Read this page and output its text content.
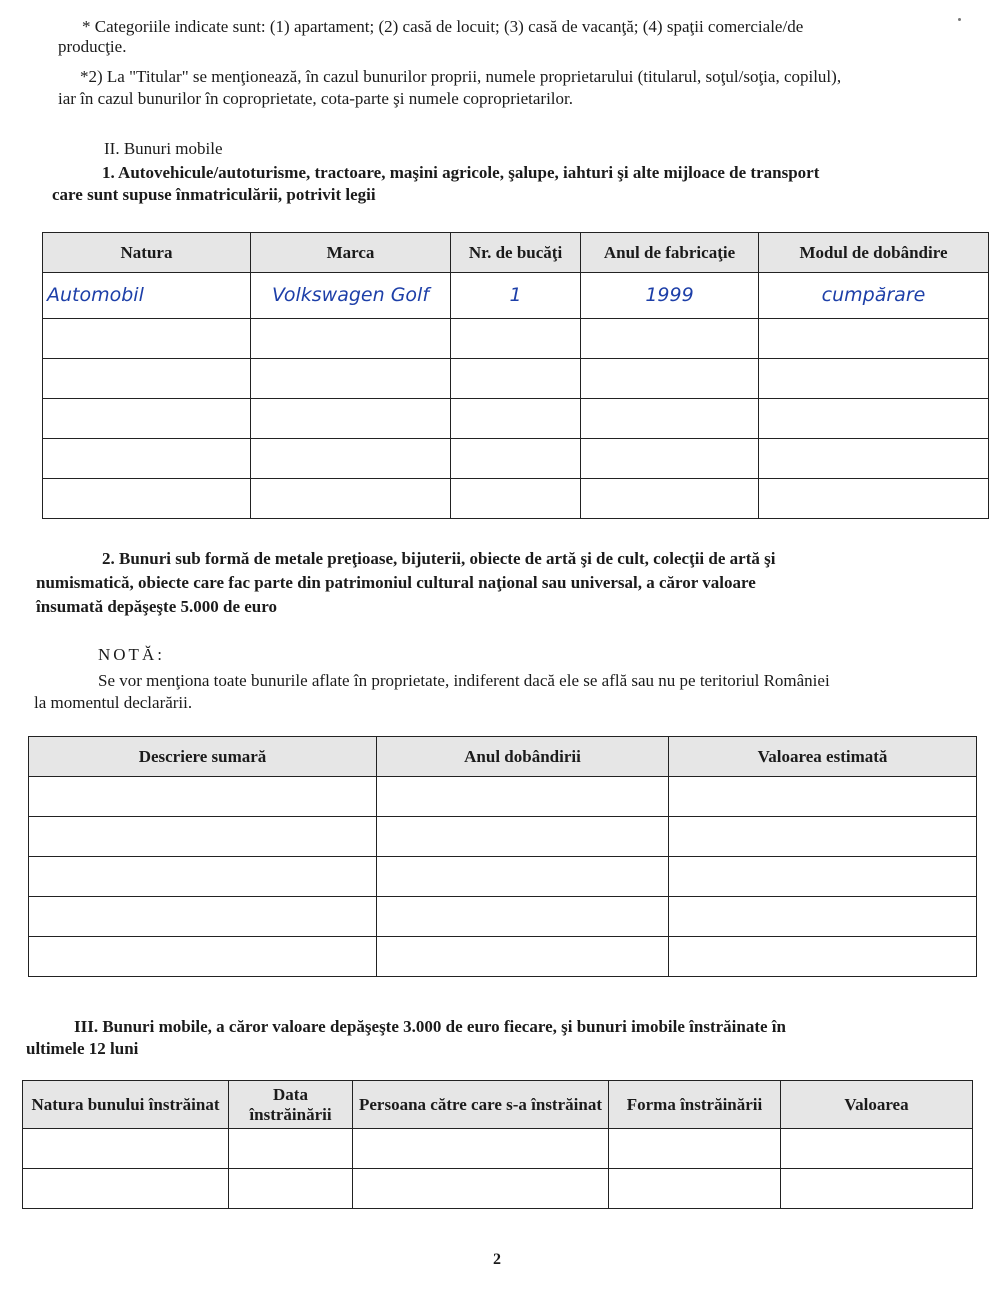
* Categoriile indicate sunt: (1) apartament; (2) casă de locuit; (3) casă de vacanţă; (4) spaţii comerciale/de
producţie.
*2) La "Titular" se menţionează, în cazul bunurilor proprii, numele proprietarului (titularul, soţul/soţia, copilul),
iar în cazul bunurilor în coproprietate, cota-parte şi numele coproprietarilor.
II. Bunuri mobile
1. Autovehicule/autoturisme, tractoare, maşini agricole, şalupe, iahturi şi alte mijloace de transport
care sunt supuse înmatriculării, potrivit legii
Natura	Marca	Nr. de bucăţi	Anul de fabricaţie	Modul de dobândire
Automobil	Volkswagen Golf	1	1999	cumpărare

2. Bunuri sub formă de metale preţioase, bijuterii, obiecte de artă şi de cult, colecţii de artă şi
numismatică, obiecte care fac parte din patrimoniul cultural naţional sau universal, a căror valoare
însumată depăşeşte 5.000 de euro
NOTĂ:
Se vor menţiona toate bunurile aflate în proprietate, indiferent dacă ele se află sau nu pe teritoriul României
la momentul declarării.
Descriere sumară	Anul dobândirii	Valoarea estimată

III. Bunuri mobile, a căror valoare depăşeşte 3.000 de euro fiecare, şi bunuri imobile înstrăinate în
ultimele 12 luni
Natura bunului înstrăinat	Data înstrăinării	Persoana către care s-a înstrăinat	Forma înstrăinării	Valoarea

2
